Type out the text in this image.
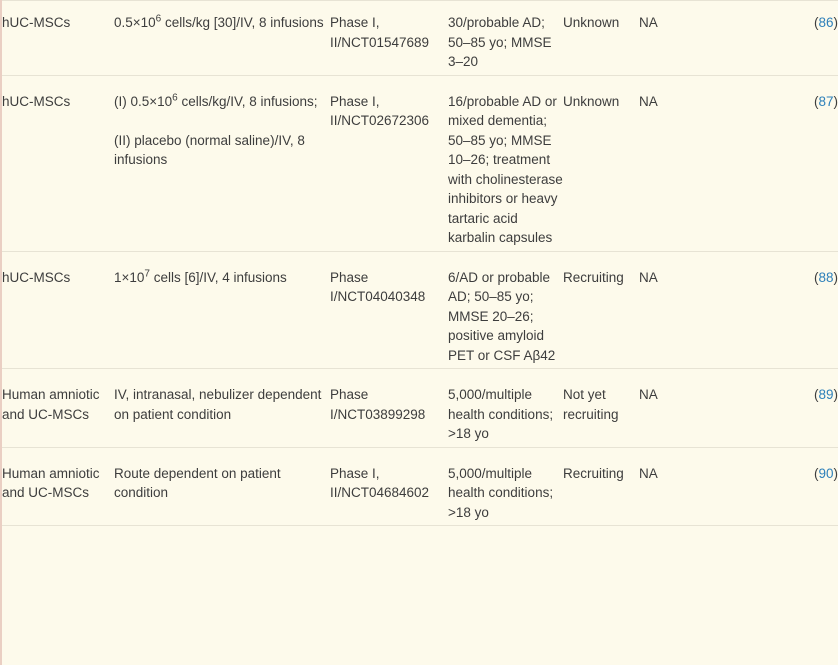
hUC-MSCs	$0.5\times 10^6$ cells/kg [30]/IV, 8 infusions	Phase I, II/NCT01547689	30/probable AD; 50–85 yo; MMSE 3–20	Unknown	NA	(86)
hUC-MSCs	(I) $0.5\times 10^6$ cells/kg/IV, 8 infusions;

(II) placebo (normal saline)/IV, 8 infusions	Phase I, II/NCT02672306	16/probable AD or mixed dementia; 50–85 yo; MMSE 10–26; treatment with cholinesterase inhibitors or heavy tartaric acid karbalin capsules	Unknown	NA	(87)
hUC-MSCs	$1\times 10^7$ cells [6]/IV, 4 infusions	Phase I/NCT04040348	6/AD or probable AD; 50–85 yo; MMSE 20–26; positive amyloid PET or CSF Aβ42	Recruiting	NA	(88)
Human amniotic and UC-MSCs	IV, intranasal, nebulizer dependent on patient condition	Phase I/NCT03899298	5,000/multiple health conditions; >18 yo	Not yet recruiting	NA	(89)
Human amniotic and UC-MSCs	Route dependent on patient condition	Phase I, II/NCT04684602	5,000/multiple health conditions; >18 yo	Recruiting	NA	(90)
